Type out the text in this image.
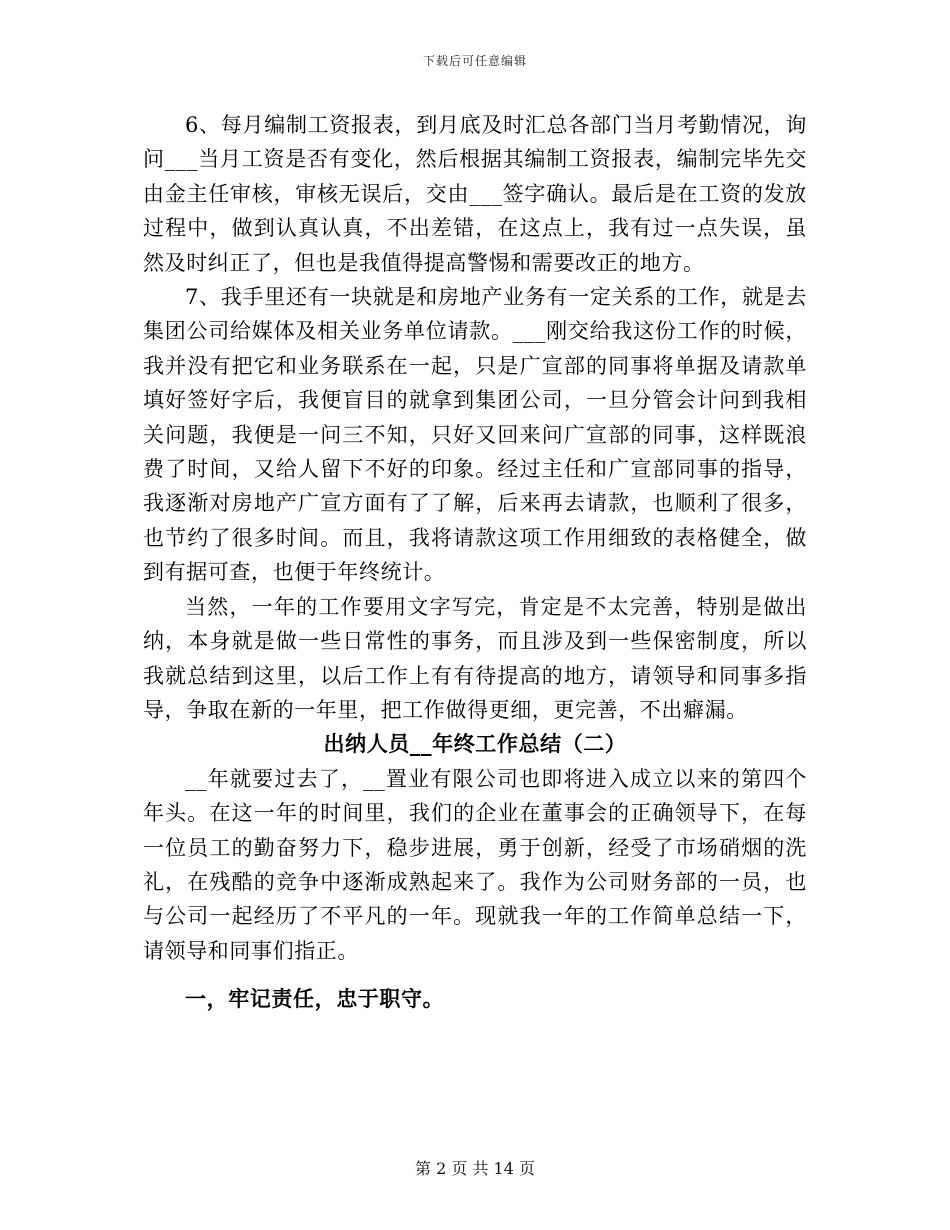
下载后可任意编辑

6、每月编制工资报表，到月底及时汇总各部门当月考勤情况，询问___当月工资是否有变化，然后根据其编制工资报表，编制完毕先交由金主任审核，审核无误后，交由___签字确认。最后是在工资的发放过程中，做到认真认真，不出差错，在这点上，我有过一点失误，虽然及时纠正了，但也是我值得提高警惕和需要改正的地方。

7、我手里还有一块就是和房地产业务有一定关系的工作，就是去集团公司给媒体及相关业务单位请款。___刚交给我这份工作的时候，我并没有把它和业务联系在一起，只是广宣部的同事将单据及请款单填好签好字后，我便盲目的就拿到集团公司，一旦分管会计问到我相关问题，我便是一问三不知，只好又回来问广宣部的同事，这样既浪费了时间，又给人留下不好的印象。经过主任和广宣部同事的指导，我逐渐对房地产广宣方面有了了解，后来再去请款，也顺利了很多，也节约了很多时间。而且，我将请款这项工作用细致的表格健全，做到有据可查，也便于年终统计。

当然，一年的工作要用文字写完，肯定是不太完善，特别是做出纳，本身就是做一些日常性的事务，而且涉及到一些保密制度，所以我就总结到这里，以后工作上有有待提高的地方，请领导和同事多指导，争取在新的一年里，把工作做得更细，更完善，不出癖漏。

出纳人员__年终工作总结（二）

__年就要过去了，__置业有限公司也即将进入成立以来的第四个年头。在这一年的时间里，我们的企业在董事会的正确领导下，在每一位员工的勤奋努力下，稳步进展，勇于创新，经受了市场硝烟的洗礼，在残酷的竞争中逐渐成熟起来了。我作为公司财务部的一员，也与公司一起经历了不平凡的一年。现就我一年的工作简单总结一下，请领导和同事们指正。

一，牢记责任，忠于职守。

第 2 页 共 14 页
